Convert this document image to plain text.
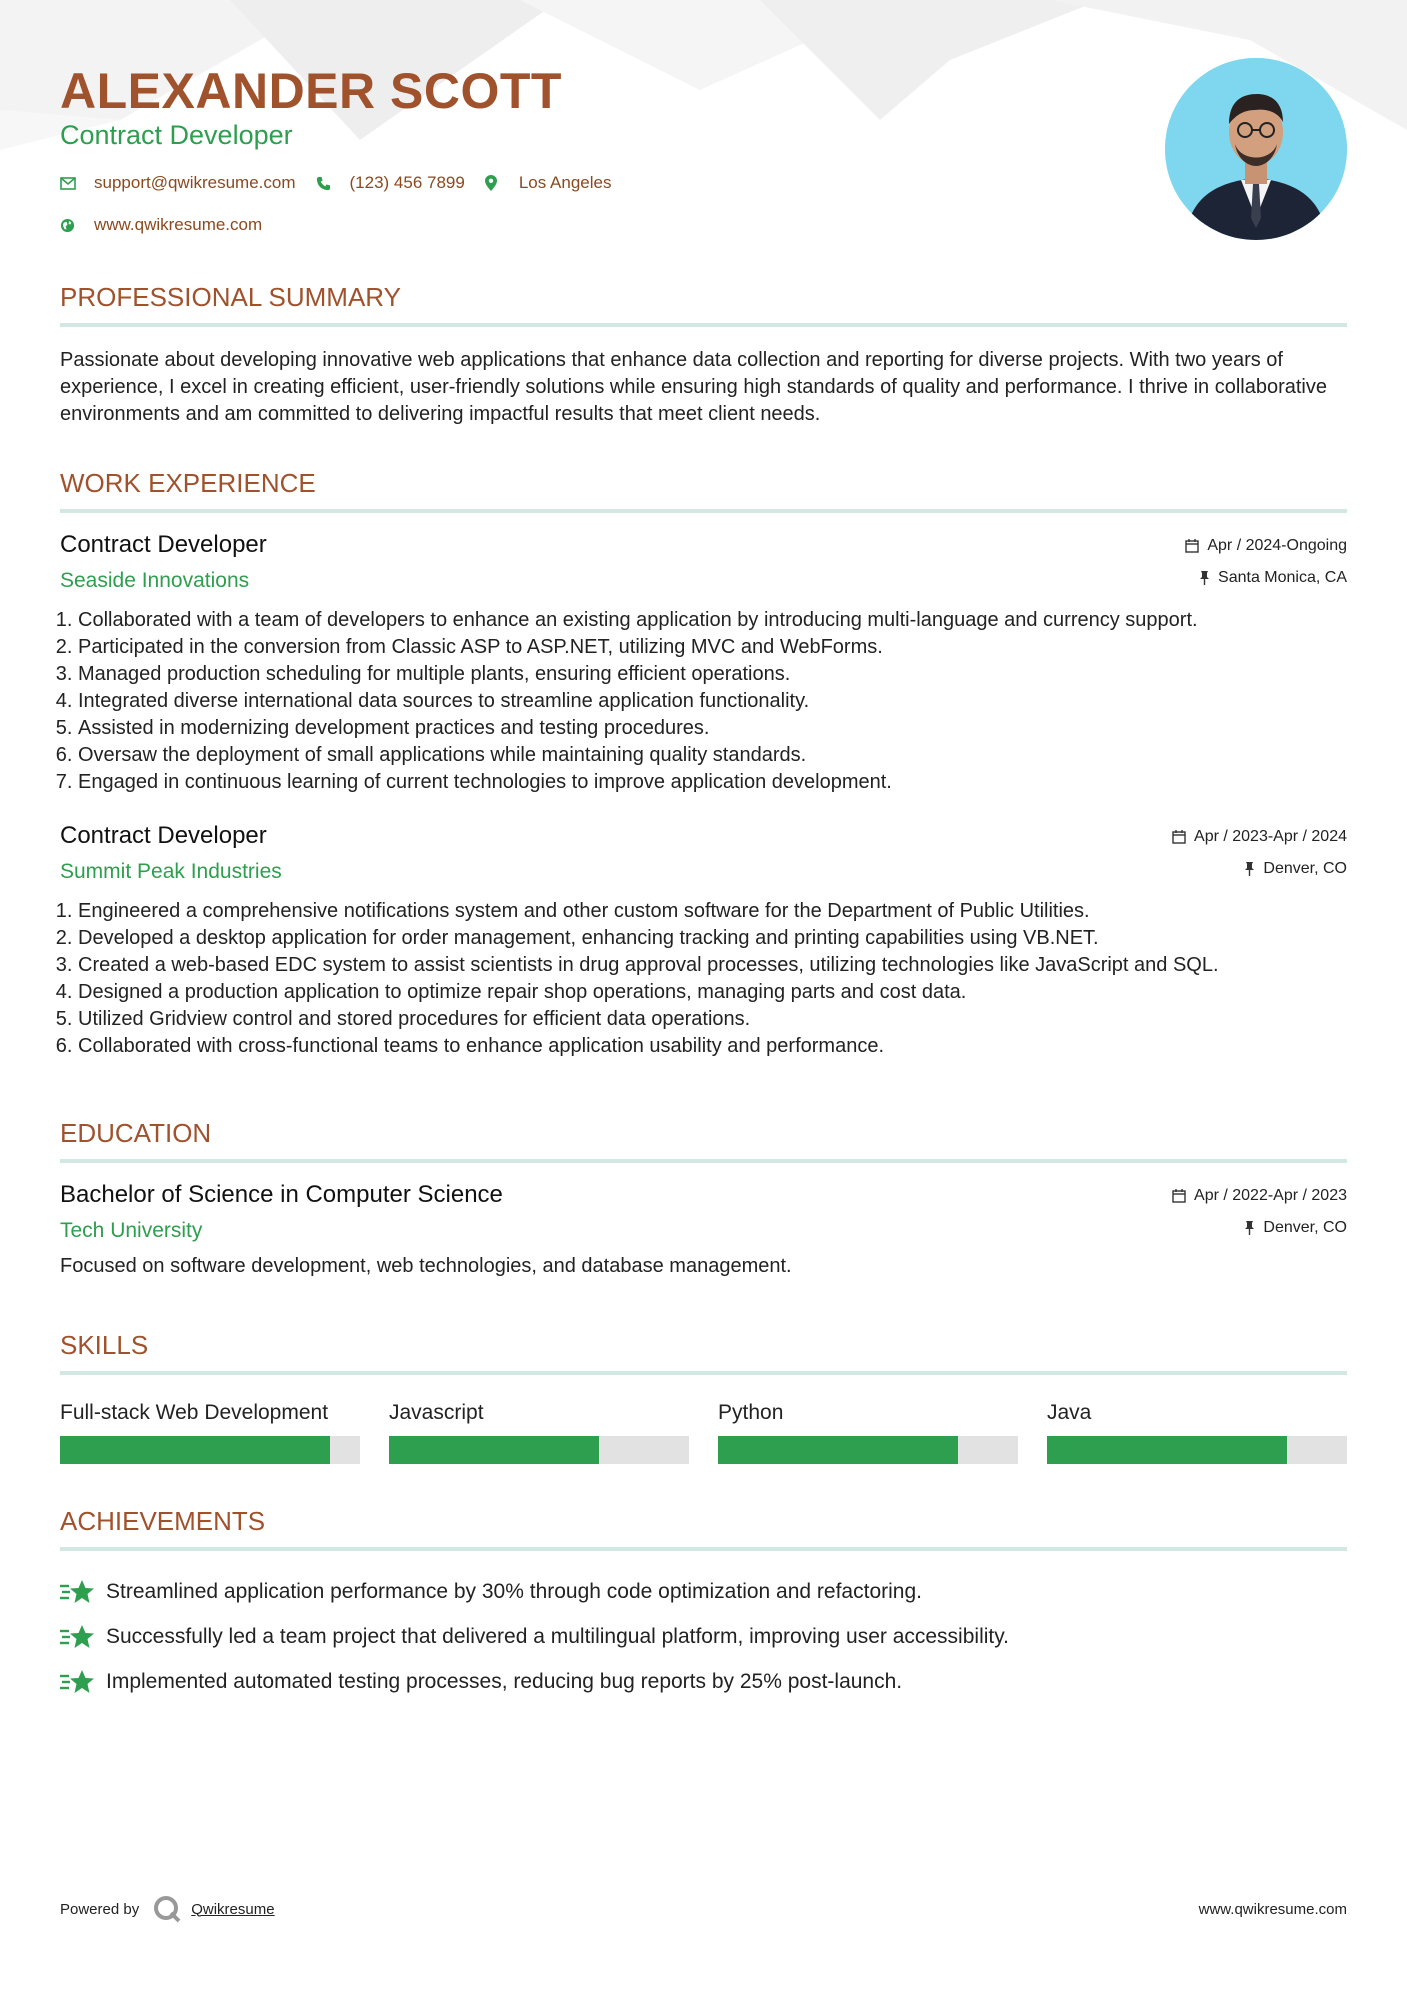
ALEXANDER SCOTT
Contract Developer
support@qwikresume.com	(123) 456 7899	Los Angeles
www.qwikresume.com
PROFESSIONAL SUMMARY
Passionate about developing innovative web applications that enhance data collection and reporting for diverse projects. With two years of experience, I excel in creating efficient, user-friendly solutions while ensuring high standards of quality and performance. I thrive in collaborative environments and am committed to delivering impactful results that meet client needs.
WORK EXPERIENCE
Contract Developer
Seaside Innovations
Apr / 2024-Ongoing
Santa Monica, CA
1. Collaborated with a team of developers to enhance an existing application by introducing multi-language and currency support.
2. Participated in the conversion from Classic ASP to ASP.NET, utilizing MVC and WebForms.
3. Managed production scheduling for multiple plants, ensuring efficient operations.
4. Integrated diverse international data sources to streamline application functionality.
5. Assisted in modernizing development practices and testing procedures.
6. Oversaw the deployment of small applications while maintaining quality standards.
7. Engaged in continuous learning of current technologies to improve application development.
Contract Developer
Summit Peak Industries
Apr / 2023-Apr / 2024
Denver, CO
1. Engineered a comprehensive notifications system and other custom software for the Department of Public Utilities.
2. Developed a desktop application for order management, enhancing tracking and printing capabilities using VB.NET.
3. Created a web-based EDC system to assist scientists in drug approval processes, utilizing technologies like JavaScript and SQL.
4. Designed a production application to optimize repair shop operations, managing parts and cost data.
5. Utilized Gridview control and stored procedures for efficient data operations.
6. Collaborated with cross-functional teams to enhance application usability and performance.
EDUCATION
Bachelor of Science in Computer Science
Tech University
Apr / 2022-Apr / 2023
Denver, CO
Focused on software development, web technologies, and database management.
SKILLS
Full-stack Web Development	Javascript	Python	Java
ACHIEVEMENTS
Streamlined application performance by 30% through code optimization and refactoring.
Successfully led a team project that delivered a multilingual platform, improving user accessibility.
Implemented automated testing processes, reducing bug reports by 25% post-launch.
Powered by	Qwikresume	www.qwikresume.com
